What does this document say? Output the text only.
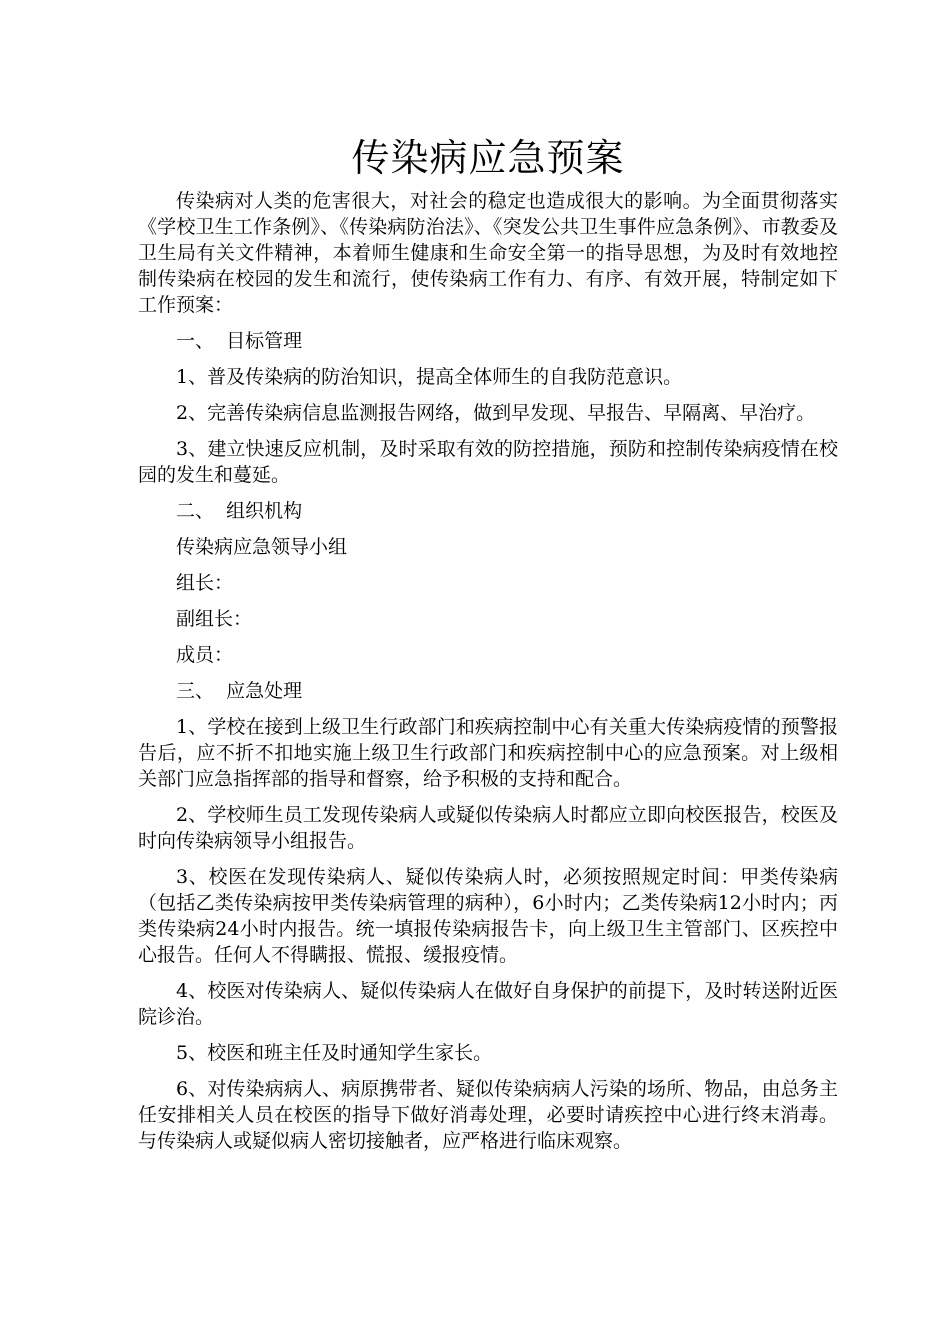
传染病应急预案

传染病对人类的危害很大，对社会的稳定也造成很大的影响。为全面贯彻落实《学校卫生工作条例》、《传染病防治法》、《突发公共卫生事件应急条例》、市教委及卫生局有关文件精神，本着师生健康和生命安全第一的指导思想，为及时有效地控制传染病在校园的发生和流行，使传染病工作有力、有序、有效开展，特制定如下工作预案：

一、  目标管理

1、普及传染病的防治知识，提高全体师生的自我防范意识。

2、完善传染病信息监测报告网络，做到早发现、早报告、早隔离、早治疗。

3、建立快速反应机制，及时采取有效的防控措施，预防和控制传染病疫情在校园的发生和蔓延。

二、  组织机构

传染病应急领导小组

组长：

副组长：

成员：

三、  应急处理

1、学校在接到上级卫生行政部门和疾病控制中心有关重大传染病疫情的预警报告后，应不折不扣地实施上级卫生行政部门和疾病控制中心的应急预案。对上级相关部门应急指挥部的指导和督察，给予积极的支持和配合。

2、学校师生员工发现传染病人或疑似传染病人时都应立即向校医报告，校医及时向传染病领导小组报告。

3、校医在发现传染病人、疑似传染病人时，必须按照规定时间：甲类传染病（包括乙类传染病按甲类传染病管理的病种），6小时内；乙类传染病12小时内；丙类传染病24小时内报告。统一填报传染病报告卡，向上级卫生主管部门、区疾控中心报告。任何人不得瞒报、慌报、缓报疫情。

4、校医对传染病人、疑似传染病人在做好自身保护的前提下，及时转送附近医院诊治。

5、校医和班主任及时通知学生家长。

6、对传染病病人、病原携带者、疑似传染病病人污染的场所、物品，由总务主任安排相关人员在校医的指导下做好消毒处理，必要时请疾控中心进行终末消毒。与传染病人或疑似病人密切接触者，应严格进行临床观察。
